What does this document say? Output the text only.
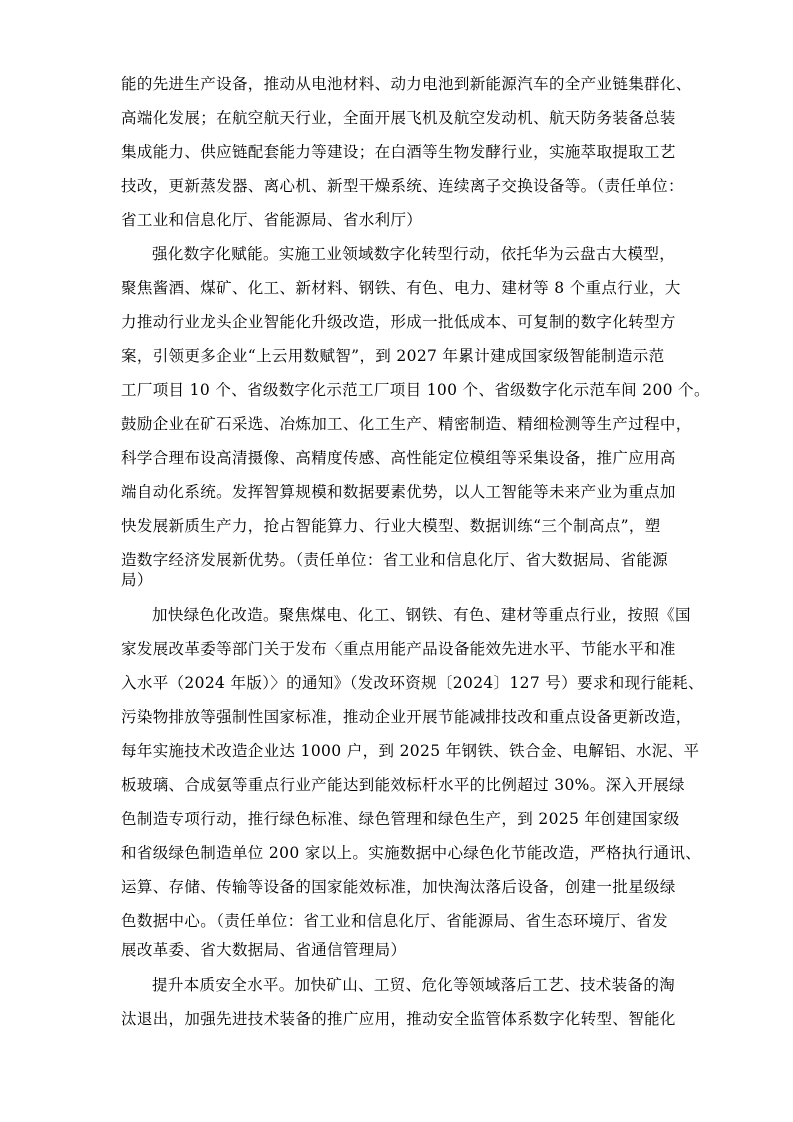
能的先进生产设备，推动从电池材料、动力电池到新能源汽车的全产业链集群化、
高端化发展；在航空航天行业，全面开展飞机及航空发动机、航天防务装备总装
集成能力、供应链配套能力等建设；在白酒等生物发酵行业，实施萃取提取工艺
技改，更新蒸发器、离心机、新型干燥系统、连续离子交换设备等。（责任单位：
省工业和信息化厅、省能源局、省水利厅）
强化数字化赋能。实施工业领域数字化转型行动，依托华为云盘古大模型，
聚焦酱酒、煤矿、化工、新材料、钢铁、有色、电力、建材等 8 个重点行业，大
力推动行业龙头企业智能化升级改造，形成一批低成本、可复制的数字化转型方
案，引领更多企业“上云用数赋智”，到 2027 年累计建成国家级智能制造示范
工厂项目 10 个、省级数字化示范工厂项目 100 个、省级数字化示范车间 200 个。
鼓励企业在矿石采选、冶炼加工、化工生产、精密制造、精细检测等生产过程中，
科学合理布设高清摄像、高精度传感、高性能定位模组等采集设备，推广应用高
端自动化系统。发挥智算规模和数据要素优势，以人工智能等未来产业为重点加
快发展新质生产力，抢占智能算力、行业大模型、数据训练“三个制高点”，塑
造数字经济发展新优势。（责任单位：省工业和信息化厅、省大数据局、省能源
局）
加快绿色化改造。聚焦煤电、化工、钢铁、有色、建材等重点行业，按照《国
家发展改革委等部门关于发布〈重点用能产品设备能效先进水平、节能水平和准
入水平（2024 年版）〉的通知》（发改环资规〔2024〕127 号）要求和现行能耗、
污染物排放等强制性国家标准，推动企业开展节能减排技改和重点设备更新改造，
每年实施技术改造企业达 1000 户，到 2025 年钢铁、铁合金、电解铝、水泥、平
板玻璃、合成氨等重点行业产能达到能效标杆水平的比例超过 30%。深入开展绿
色制造专项行动，推行绿色标准、绿色管理和绿色生产，到 2025 年创建国家级
和省级绿色制造单位 200 家以上。实施数据中心绿色化节能改造，严格执行通讯、
运算、存储、传输等设备的国家能效标准，加快淘汰落后设备，创建一批星级绿
色数据中心。（责任单位：省工业和信息化厅、省能源局、省生态环境厅、省发
展改革委、省大数据局、省通信管理局）
提升本质安全水平。加快矿山、工贸、危化等领域落后工艺、技术装备的淘
汰退出，加强先进技术装备的推广应用，推动安全监管体系数字化转型、智能化
